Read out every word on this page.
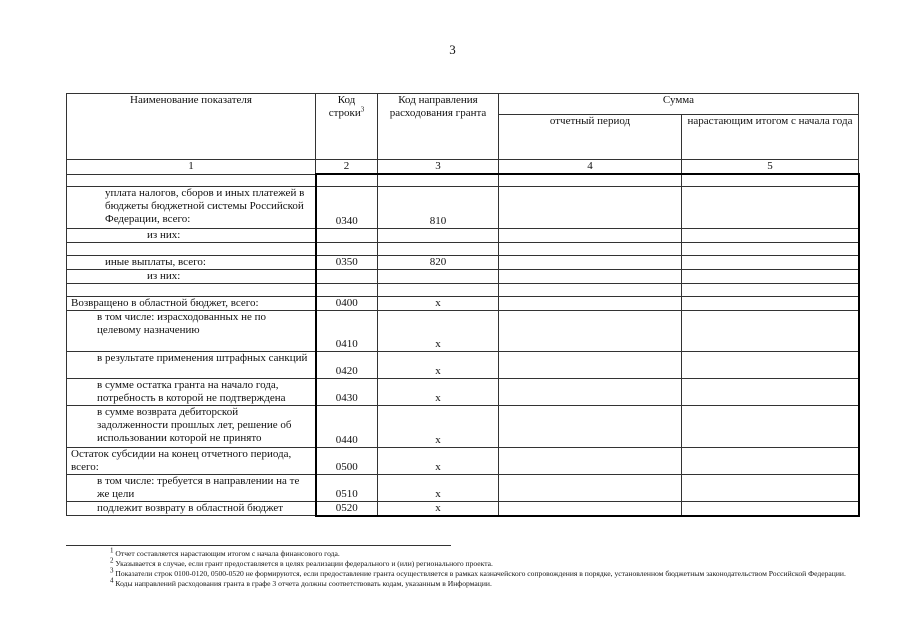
3
Наименование показателя	Код строки$^3$	Код направления расходования гранта	Сумма	
			отчетный период	нарастающим итогом с начала года
1	2	3	4	5

уплата налогов, сборов и иных платежей в бюджеты бюджетной системы Российской Федерации, всего:	0340	810		
из них:				

иные выплаты, всего:	0350	820		
из них:				

Возвращено в областной бюджет, всего:	0400	х		
в том числе: израсходованных не по целевому назначению	0410	х		
в результате применения штрафных санкций	0420	х		
в сумме остатка гранта на начало года, потребность в которой не подтверждена	0430	х		
в сумме возврата дебиторской задолженности прошлых лет, решение об использовании которой не принято	0440	х		
Остаток субсидии на конец отчетного периода, всего:	0500	х		
в том числе: требуется в направлении на те же цели	0510	х		
подлежит возврату в областной бюджет	0520	х		
$^1$ Отчет составляется нарастающим итогом с начала финансового года.
$^2$ Указывается в случае, если грант предоставляется в целях реализации федерального и (или) регионального проекта.
$^3$ Показатели строк 0100-0120, 0500-0520 не формируются, если предоставление гранта осуществляется в рамках казначейского сопровождения в порядке, установленном бюджетным законодательством Российской Федерации.
$^4$ Коды направлений расходования гранта в графе 3 отчета должны соответствовать кодам, указанным в Информации.
